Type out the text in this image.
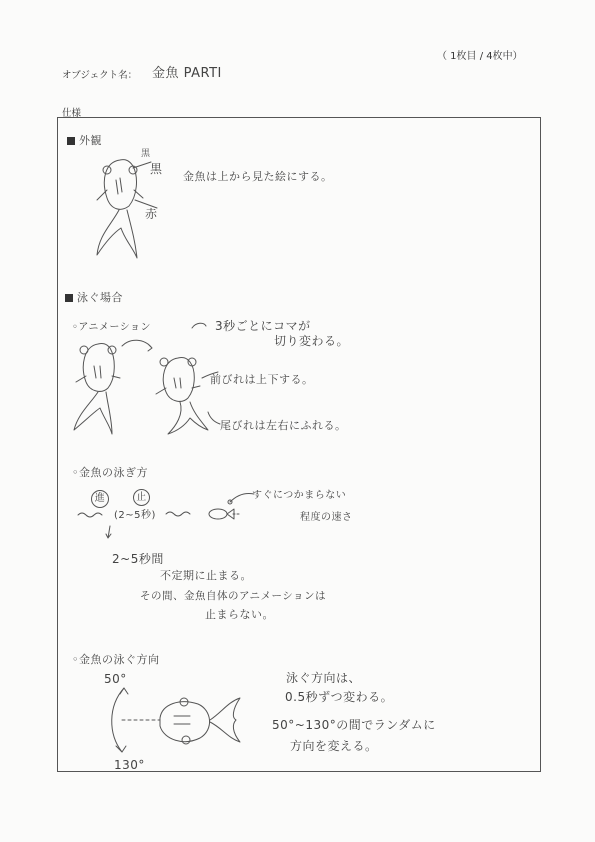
（ 1枚目 / 4枚中）
オブジェクト名： 金魚 PARTI
仕様
外観
黒
黒
赤
金魚は上から見た絵にする。
泳ぐ場合
◦アニメーション	3秒ごとにコマが
切り変わる。
前びれは上下する。
尾びれは左右にふれる。
◦金魚の泳ぎ方
進	止
(2~5秒)
すぐにつかまらない
程度の速さ
2~5秒間
不定期に止まる。
その間、金魚自体のアニメーションは
止まらない。
◦金魚の泳ぐ方向
50°
130°
泳ぐ方向は、
0.5秒ずつ変わる。
50°~130°の間でランダムに
方向を変える。
